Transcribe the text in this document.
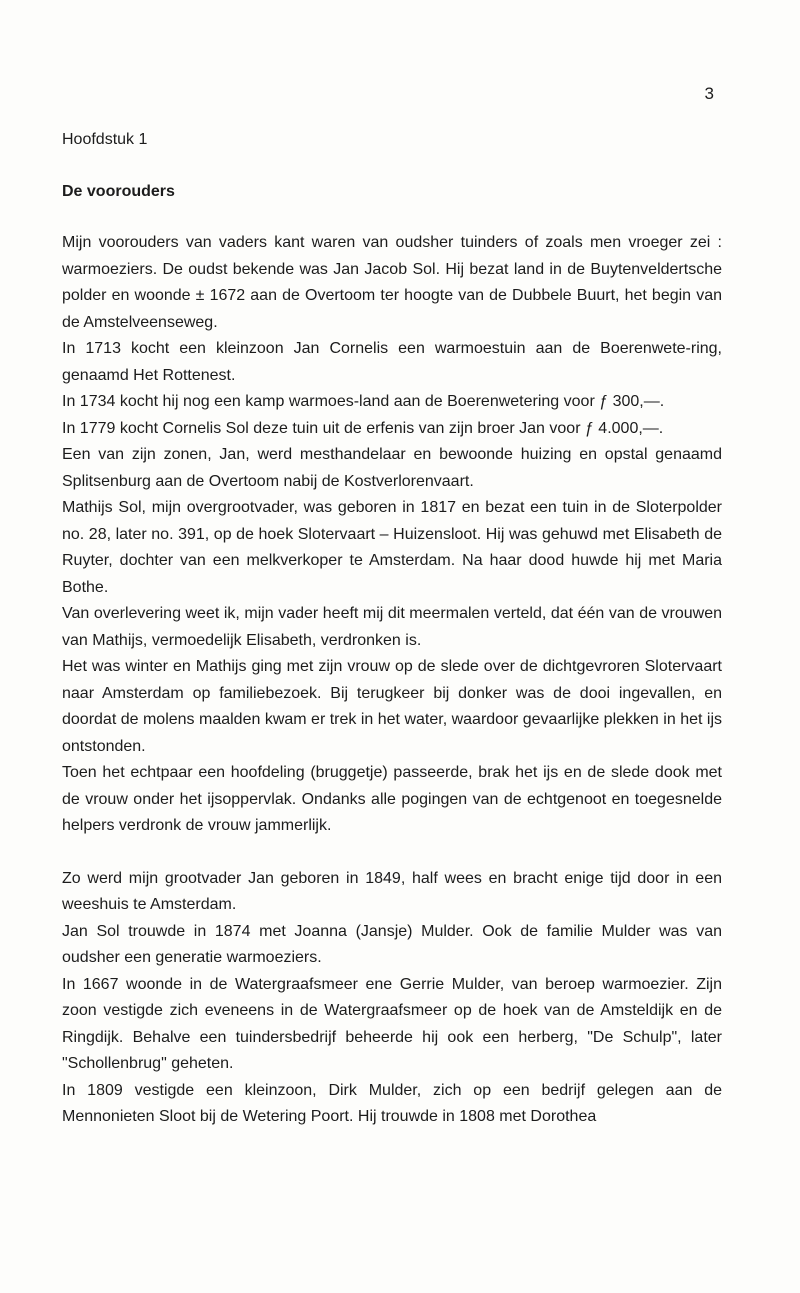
3
Hoofdstuk 1
De voorouders

Mijn voorouders van vaders kant waren van oudsher tuinders of zoals men vroeger zei : warmoeziers. De oudst bekende was Jan Jacob Sol. Hij bezat land in de Buytenveldertsche polder en woonde ± 1672 aan de Overtoom ter hoogte van de Dubbele Buurt, het begin van de Amstelveenseweg.

In 1713 kocht een kleinzoon Jan Cornelis een warmoestuin aan de Boerenwete-ring, genaamd Het Rottenest.

In 1734 kocht hij nog een kamp warmoes-land aan de Boerenwetering voor ƒ 300,—.

In 1779 kocht Cornelis Sol deze tuin uit de erfenis van zijn broer Jan voor ƒ 4.000,—.

Een van zijn zonen, Jan, werd mesthandelaar en bewoonde huizing en opstal genaamd Splitsenburg aan de Overtoom nabij de Kostverlorenvaart.

Mathijs Sol, mijn overgrootvader, was geboren in 1817 en bezat een tuin in de Sloterpolder no. 28, later no. 391, op de hoek Slotervaart – Huizensloot. Hij was gehuwd met Elisabeth de Ruyter, dochter van een melkverkoper te Amsterdam. Na haar dood huwde hij met Maria Bothe.

Van overlevering weet ik, mijn vader heeft mij dit meermalen verteld, dat één van de vrouwen van Mathijs, vermoedelijk Elisabeth, verdronken is.

Het was winter en Mathijs ging met zijn vrouw op de slede over de dichtgevroren Slotervaart naar Amsterdam op familiebezoek. Bij terugkeer bij donker was de dooi ingevallen, en doordat de molens maalden kwam er trek in het water, waardoor gevaarlijke plekken in het ijs ontstonden.

Toen het echtpaar een hoofdeling (bruggetje) passeerde, brak het ijs en de slede dook met de vrouw onder het ijsoppervlak. Ondanks alle pogingen van de echtgenoot en toegesnelde helpers verdronk de vrouw jammerlijk.

Zo werd mijn grootvader Jan geboren in 1849, half wees en bracht enige tijd door in een weeshuis te Amsterdam.

Jan Sol trouwde in 1874 met Joanna (Jansje) Mulder. Ook de familie Mulder was van oudsher een generatie warmoeziers.

In 1667 woonde in de Watergraafsmeer ene Gerrie Mulder, van beroep warmoezier. Zijn zoon vestigde zich eveneens in de Watergraafsmeer op de hoek van de Amsteldijk en de Ringdijk. Behalve een tuindersbedrijf beheerde hij ook een herberg, "De Schulp", later "Schollenbrug" geheten.

In 1809 vestigde een kleinzoon, Dirk Mulder, zich op een bedrijf gelegen aan de Mennonieten Sloot bij de Wetering Poort. Hij trouwde in 1808 met Dorothea
